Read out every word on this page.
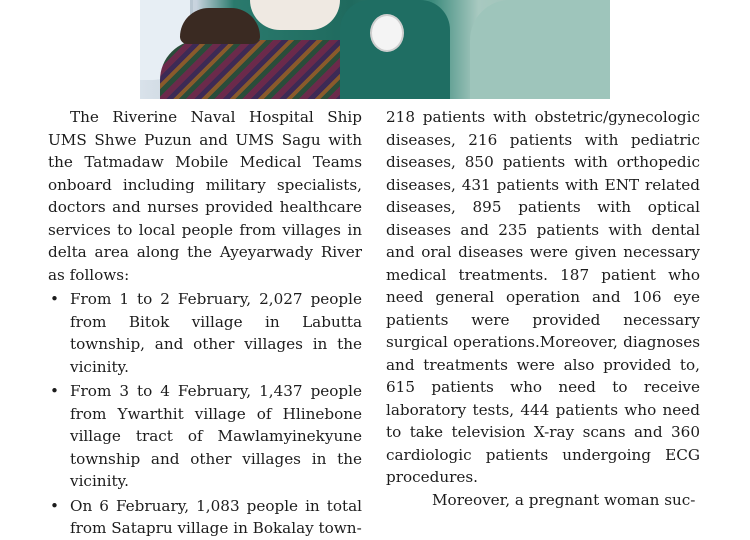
The Riverine Naval Hospital Ship UMS Shwe Puzun and UMS Sagu with the Tatmadaw Mobile Medical Teams onboard including military specialists, doctors and nurses provided healthcare services to local people from villages in delta area along the Ayeyarwady River as follows:

• From 1 to 2 February, 2,027 people from Bitok village in Labutta township, and other villages in the vicinity.
• From 3 to 4 February, 1,437 people from Ywarthit village of Hlinebone village tract of Mawlamyinekyune township and other villages in the vicinity.
• On 6 February, 1,083 people in total from Satapru village in Bokalay town-

218 patients with obstetric/gynecologic diseases, 216 patients with pediatric diseases, 850 patients with orthopedic diseases, 431 patients with ENT related diseases, 895 patients with optical diseases and 235 patients with dental and oral diseases were given necessary medical treatments. 187 patient who need general operation and 106 eye patients were provided necessary surgical operations.Moreover, diagnoses and treatments were also provided to, 615 patients who need to receive laboratory tests, 444 patients who need to take television X-ray scans and 360 cardiologic patients undergoing ECG procedures.

Moreover, a pregnant woman suc-
